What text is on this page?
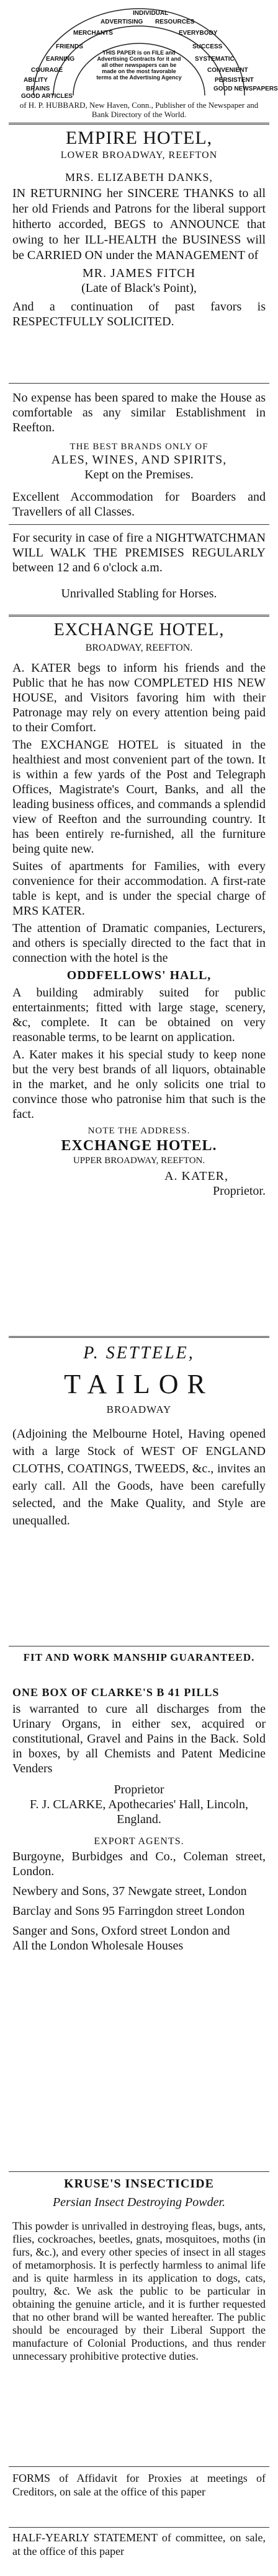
INDIVIDUAL
ADVERTISING RESOURCES
MERCHANTS	EVERYBODY
FRIENDS	SUCCESS
SYSTEMATIC
EARNING
COURAGE	CONVENIENT
ABILITY	PERSISTENT
BRAINS	GOOD NEWSPAPERS
GOOD ARTICLES
THIS PAPER is on FILE and Advertising Contracts for it and all other newspapers can be made on the most favorable terms at the Advertising Agency

of H. P. HUBBARD, New Haven, Conn., Publisher of the Newspaper and Bank Directory of the World.

EMPIRE HOTEL,
LOWER BROADWAY, REEFTON
MRS. ELIZABETH DANKS,

IN RETURNING her SINCERE THANKS to all her old Friends and Patrons for the liberal support hitherto accorded, BEGS to ANNOUNCE that owing to her ILL-HEALTH the BUSINESS will be CARRIED ON under the MANAGEMENT of

MR. JAMES FITCH

(Late of Black's Point),

And a continuation of past favors is RESPECTFULLY SOLICITED.

No expense has been spared to make the House as comfortable as any similar Establishment in Reefton.

THE BEST BRANDS ONLY OF

ALES, WINES, AND SPIRITS,

Kept on the Premises.

Excellent Accommodation for Boarders and Travellers of all Classes.

For security in case of fire a NIGHTWATCHMAN WILL WALK THE PREMISES REGULARLY between 12 and 6 o'clock a.m.

Unrivalled Stabling for Horses.

EXCHANGE HOTEL,
BROADWAY, REEFTON.

A. KATER begs to inform his friends and the Public that he has now COMPLETED HIS NEW HOUSE, and Visitors favoring him with their Patronage may rely on every attention being paid to their Comfort.

The EXCHANGE HOTEL is situated in the healthiest and most convenient part of the town. It is within a few yards of the Post and Telegraph Offices, Magistrate's Court, Banks, and all the leading business offices, and commands a splendid view of Reefton and the surrounding country. It has been entirely re-furnished, all the furniture being quite new.

Suites of apartments for Families, with every convenience for their accommodation. A first-rate table is kept, and is under the special charge of MRS KATER.

The attention of Dramatic companies, Lecturers, and others is specially directed to the fact that in connection with the hotel is the

ODDFELLOWS' HALL,

A building admirably suited for public entertainments; fitted with large stage, scenery, &c, complete. It can be obtained on very reasonable terms, to be learnt on application.

A. Kater makes it his special study to keep none but the very best brands of all liquors, obtainable in the market, and he only solicits one trial to convince those who patronise him that such is the fact.

NOTE THE ADDRESS.

EXCHANGE HOTEL.

UPPER BROADWAY, REEFTON.

A. KATER,

Proprietor.

P. SETTELE,
TAILOR
BROADWAY

(Adjoining the Melbourne Hotel, Having opened with a large Stock of WEST OF ENGLAND CLOTHS, COATINGS, TWEEDS, &c., invites an early call. All the Goods, have been carefully selected, and the Make Quality, and Style are unequalled.

FIT AND WORK MANSHIP GUARANTEED.

ONE BOX OF CLARKE'S B 41 PILLS

is warranted to cure all discharges from the Urinary Organs, in either sex, acquired or constitutional, Gravel and Pains in the Back. Sold in boxes, by all Chemists and Patent Medicine Venders

Proprietor

F. J. CLARKE, Apothecaries' Hall, Lincoln, England.

EXPORT AGENTS.

Burgoyne, Burbidges and Co., Coleman street, London.

Newbery and Sons, 37 Newgate street, London

Barclay and Sons 95 Farringdon street London

Sanger and Sons, Oxford street London and

All the London Wholesale Houses

KRUSE'S INSECTICIDE

Persian Insect Destroying Powder.

This powder is unrivalled in destroying fleas, bugs, ants, flies, cockroaches, beetles, gnats, mosquitoes, moths (in furs, &c.), and every other species of insect in all stages of metamorphosis. It is perfectly harmless to animal life and is quite harmless in its application to dogs, cats, poultry, &c. We ask the public to be particular in obtaining the genuine article, and it is further requested that no other brand will be wanted hereafter. The public should be encouraged by their Liberal Support the manufacture of Colonial Productions, and thus render unnecessary prohibitive protective duties.

FORMS of Affidavit for Proxies at meetings of Creditors, on sale at the office of this paper

HALF-YEARLY STATEMENT of committee, on sale, at the office of this paper
